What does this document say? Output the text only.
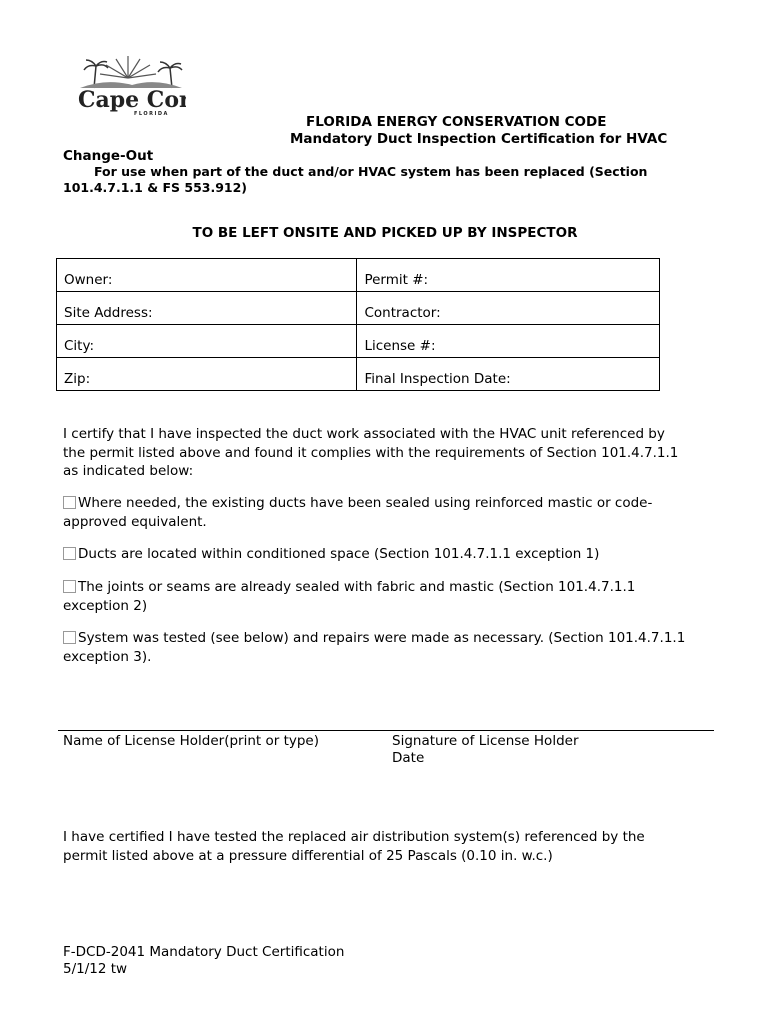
Cape Cor
FLORIDA	FLORIDA ENERGY CONSERVATION CODE
Mandatory Duct Inspection Certification for HVAC
Change-Out
For use when part of the duct and/or HVAC system has been replaced (Section
101.4.7.1.1 & FS 553.912)
TO BE LEFT ONSITE AND PICKED UP BY INSPECTOR
Owner:	Permit #:
Site Address:	Contractor:
City:	License #:
Zip:	Final Inspection Date:
I certify that I have inspected the duct work associated with the HVAC unit referenced by
the permit listed above and found it complies with the requirements of Section 101.4.7.1.1
as indicated below:
Where needed, the existing ducts have been sealed using reinforced mastic or code-
approved equivalent.
Ducts are located within conditioned space (Section 101.4.7.1.1 exception 1)
The joints or seams are already sealed with fabric and mastic (Section 101.4.7.1.1
exception 2)
System was tested (see below) and repairs were made as necessary. (Section 101.4.7.1.1
exception 3).
Name of License Holder(print or type)	Signature of License Holder
Date
I have certified I have tested the replaced air distribution system(s) referenced by the
permit listed above at a pressure differential of 25 Pascals (0.10 in. w.c.)
F-DCD-2041 Mandatory Duct Certification
5/1/12 tw
